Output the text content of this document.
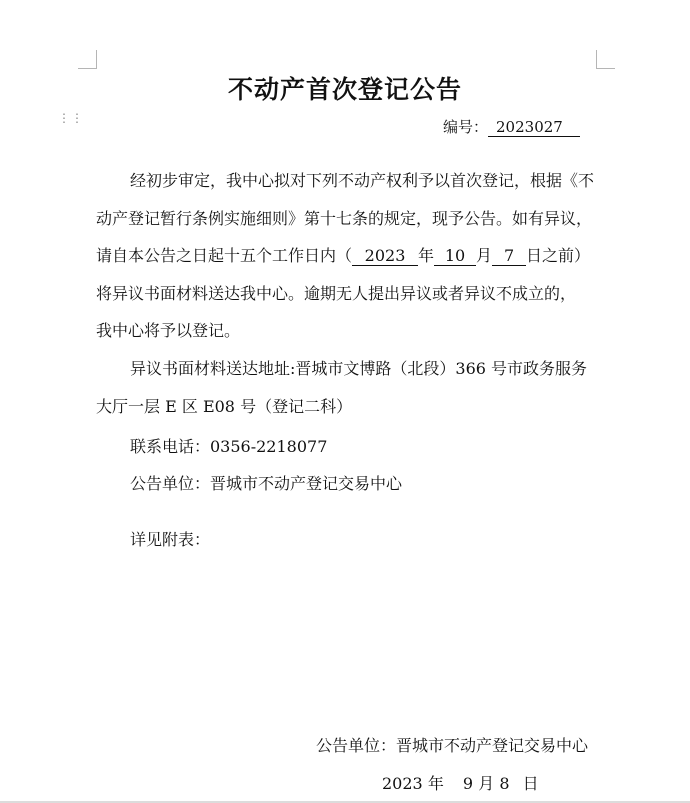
⋮⋮
不动产首次登记公告
编号： 2023027
经初步审定，我中心拟对下列不动产权利予以首次登记，根据《不
动产登记暂行条例实施细则》第十七条的规定，现予公告。如有异议，
请自本公告之日起十五个工作日内（ 2023 年 10 月 7 日之前）
将异议书面材料送达我中心。逾期无人提出异议或者异议不成立的，
我中心将予以登记。
异议书面材料送达地址:晋城市文博路（北段）366 号市政务服务
大厅一层 E 区 E08 号（登记二科）
联系电话：0356-2218077
公告单位：晋城市不动产登记交易中心
详见附表：
公告单位：晋城市不动产登记交易中心
2023 年 9 月 8 日
